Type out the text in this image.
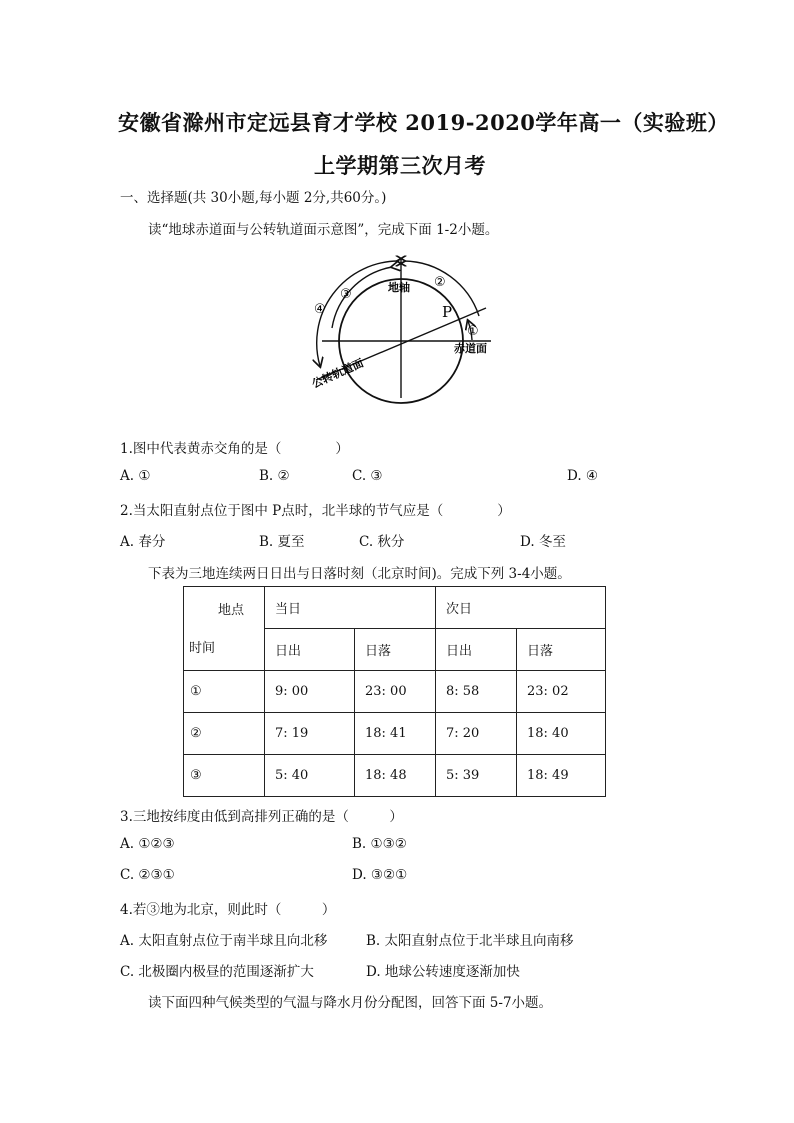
安徽省滁州市定远县育才学校 2019-2020学年高一（实验班）
上学期第三次月考
一、选择题(共 30小题,每小题 2分,共60分。)
读“地球赤道面与公转轨道面示意图”，完成下面 1-2小题。
地轴
P
赤道面
公转轨道面
①
②
③
④
1.图中代表黄赤交角的是（　　　　）
A. ①	B. ②	C. ③	D. ④
2.当太阳直射点位于图中 P点时，北半球的节气应是（　　　　）
A. 春分	B. 夏至	C. 秋分	D. 冬至
下表为三地连续两日日出与日落时刻（北京时间)。完成下列 3-4小题。
地点
时间	当日		次日	
	日出	日落	日出	日落
①	9: 00	23: 00	8: 58	23: 02
②	7: 19	18: 41	7: 20	18: 40
③	5: 40	18: 48	5: 39	18: 49
3.三地按纬度由低到高排列正确的是（　　　）
A. ①②③	B. ①③②
C. ②③①	D. ③②①
4.若③地为北京，则此时（　　　）
A. 太阳直射点位于南半球且向北移	B. 太阳直射点位于北半球且向南移
C. 北极圈内极昼的范围逐渐扩大	D. 地球公转速度逐渐加快
读下面四种气候类型的气温与降水月份分配图，回答下面 5-7小题。
